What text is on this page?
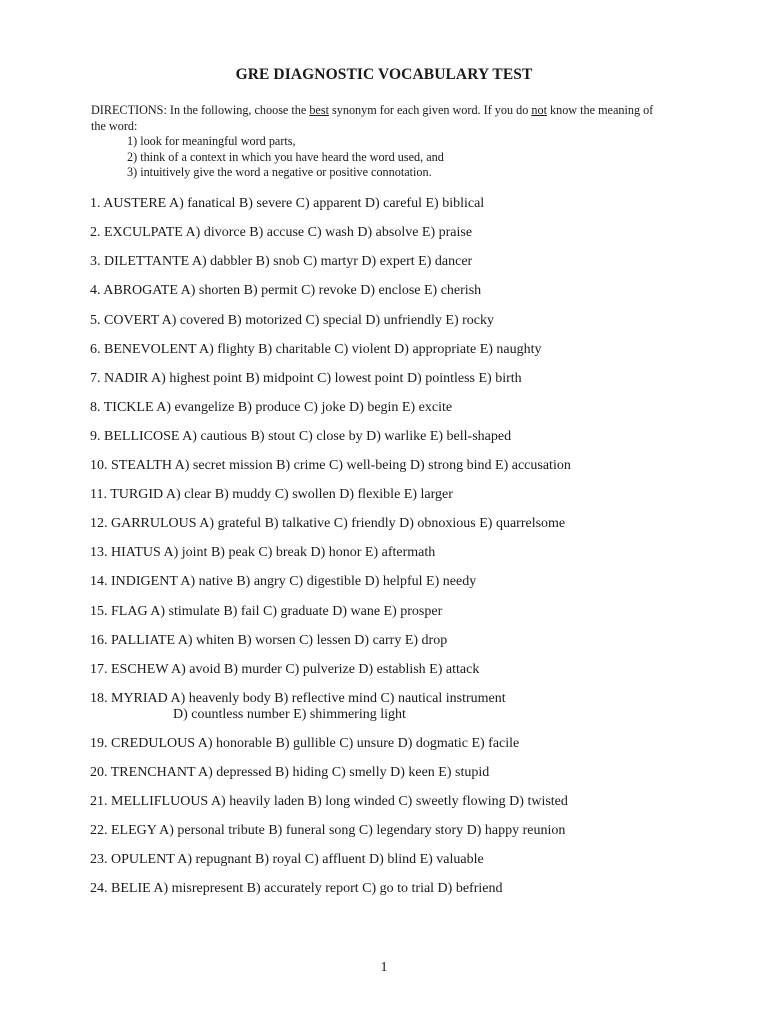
GRE DIAGNOSTIC VOCABULARY TEST
DIRECTIONS: In the following, choose the best synonym for each given word. If you do not know the meaning of
the word:
1) look for meaningful word parts,
2) think of a context in which you have heard the word used, and
3) intuitively give the word a negative or positive connotation.
1. AUSTERE A) fanatical B) severe C) apparent D) careful E) biblical
2. EXCULPATE A) divorce B) accuse C) wash D) absolve E) praise
3. DILETTANTE A) dabbler B) snob C) martyr D) expert E) dancer
4. ABROGATE A) shorten B) permit C) revoke D) enclose E) cherish
5. COVERT A) covered B) motorized C) special D) unfriendly E) rocky
6. BENEVOLENT A) flighty B) charitable C) violent D) appropriate E) naughty
7. NADIR A) highest point B) midpoint C) lowest point D) pointless E) birth
8. TICKLE A) evangelize B) produce C) joke D) begin E) excite
9. BELLICOSE A) cautious B) stout C) close by D) warlike E) bell-shaped
10. STEALTH A) secret mission B) crime C) well-being D) strong bind E) accusation
11. TURGID A) clear B) muddy C) swollen D) flexible E) larger
12. GARRULOUS A) grateful B) talkative C) friendly D) obnoxious E) quarrelsome
13. HIATUS A) joint B) peak C) break D) honor E) aftermath
14. INDIGENT A) native B) angry C) digestible D) helpful E) needy
15. FLAG A) stimulate B) fail C) graduate D) wane E) prosper
16. PALLIATE A) whiten B) worsen C) lessen D) carry E) drop
17. ESCHEW A) avoid B) murder C) pulverize D) establish E) attack
18. MYRIAD A) heavenly body B) reflective mind C) nautical instrument
D) countless number E) shimmering light
19. CREDULOUS A) honorable B) gullible C) unsure D) dogmatic E) facile
20. TRENCHANT A) depressed B) hiding C) smelly D) keen E) stupid
21. MELLIFLUOUS A) heavily laden B) long winded C) sweetly flowing D) twisted
22. ELEGY A) personal tribute B) funeral song C) legendary story D) happy reunion
23. OPULENT A) repugnant B) royal C) affluent D) blind E) valuable
24. BELIE A) misrepresent B) accurately report C) go to trial D) befriend
1
